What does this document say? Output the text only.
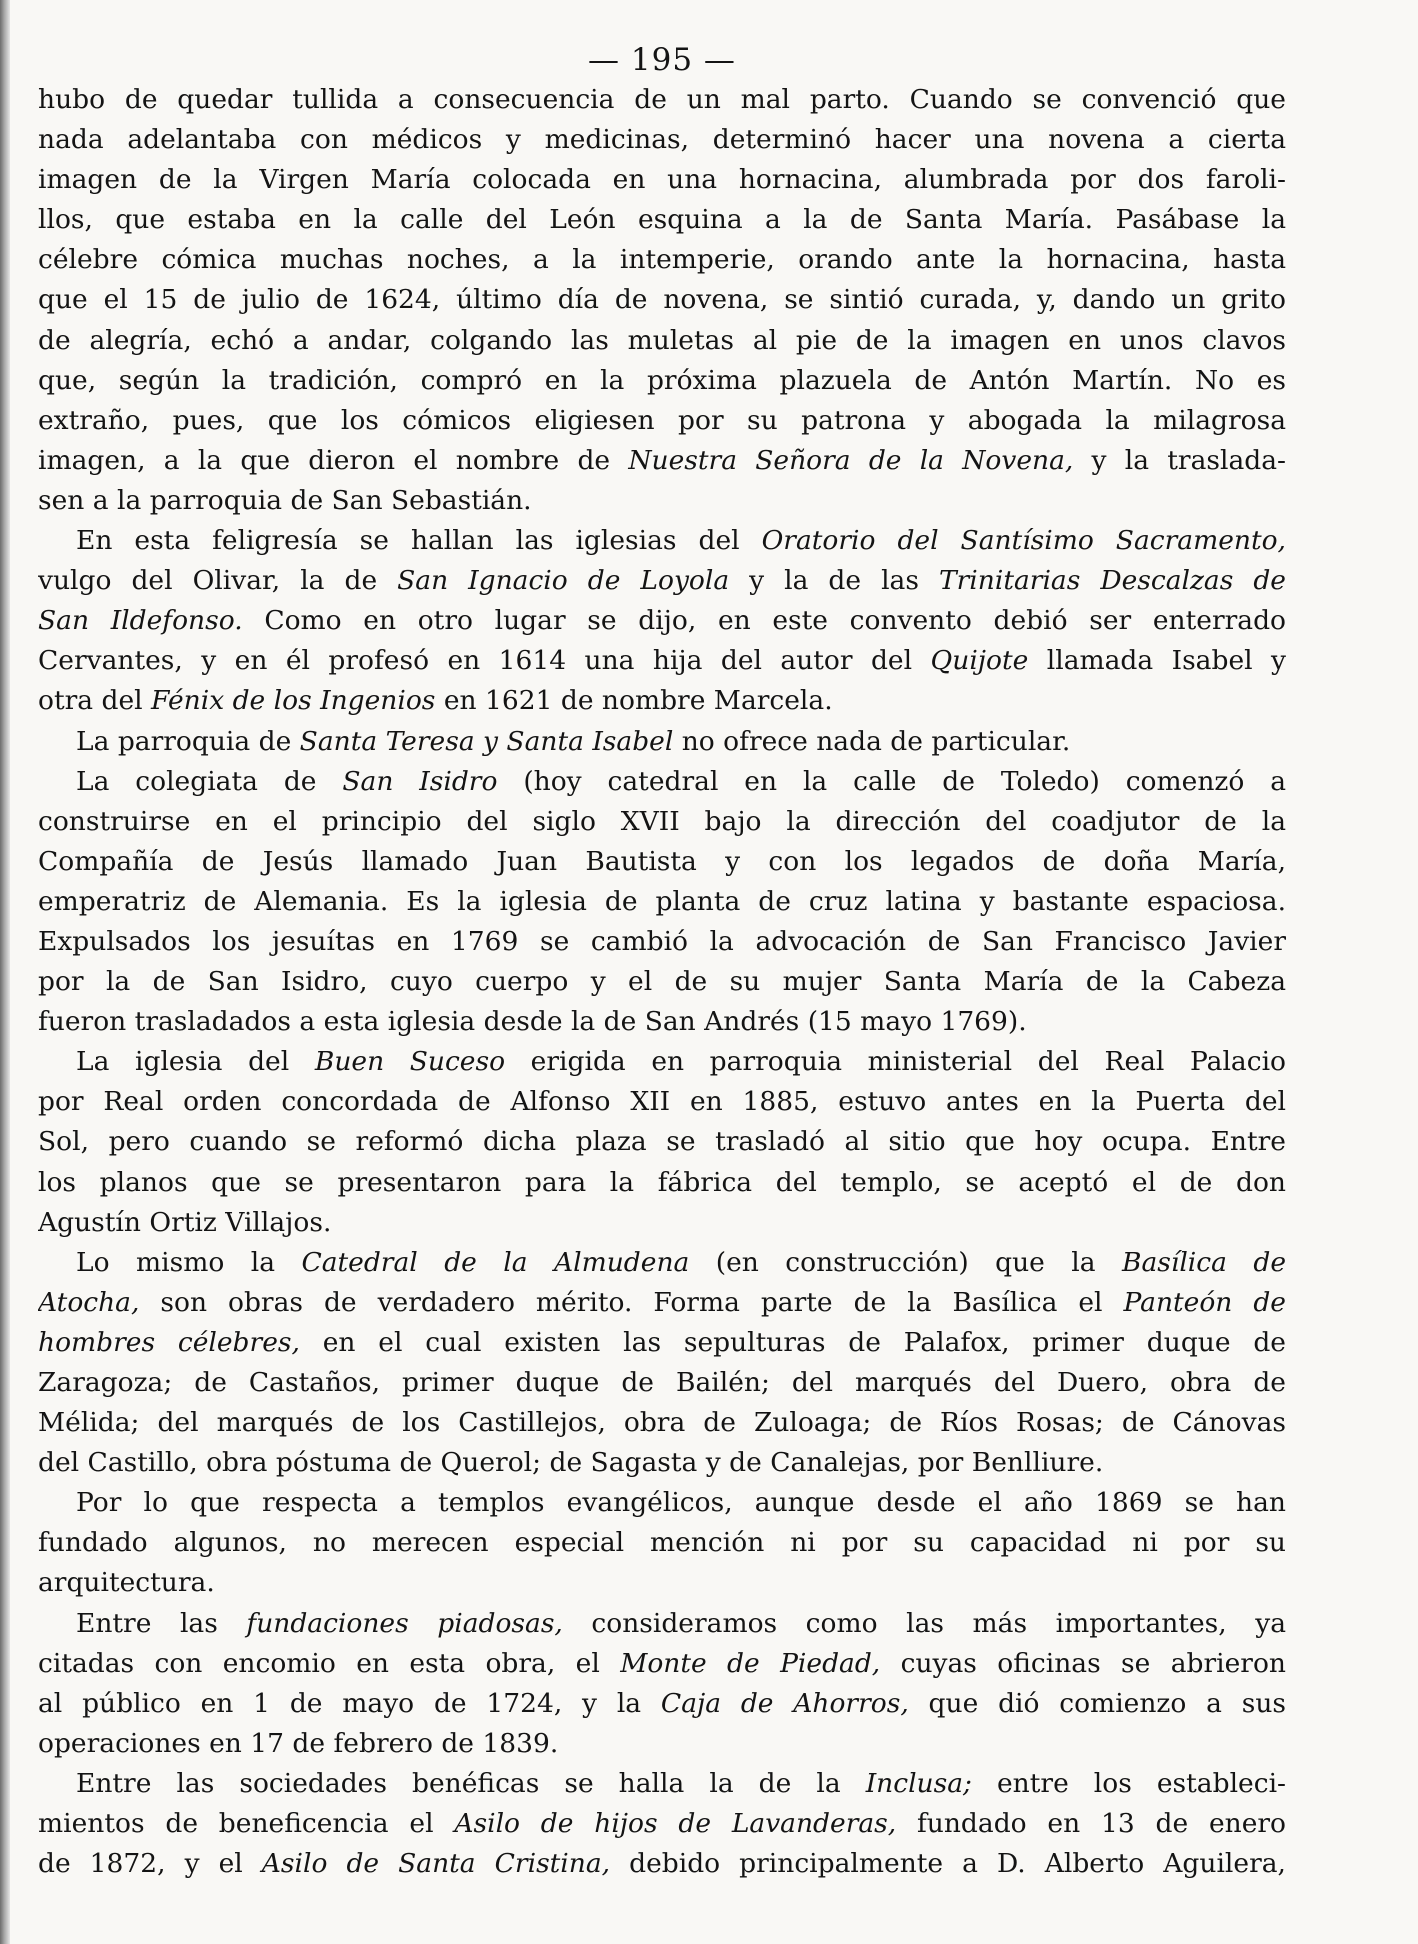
— 195 —
hubo de quedar tullida a consecuencia de un mal parto. Cuando se convenció que
nada adelantaba con médicos y medicinas, determinó hacer una novena a cierta
imagen de la Virgen María colocada en una hornacina, alumbrada por dos faroli-
llos, que estaba en la calle del León esquina a la de Santa María. Pasábase la
célebre cómica muchas noches, a la intemperie, orando ante la hornacina, hasta
que el 15 de julio de 1624, último día de novena, se sintió curada, y, dando un grito
de alegría, echó a andar, colgando las muletas al pie de la imagen en unos clavos
que, según la tradición, compró en la próxima plazuela de Antón Martín. No es
extraño, pues, que los cómicos eligiesen por su patrona y abogada la milagrosa
imagen, a la que dieron el nombre de Nuestra Señora de la Novena, y la traslada-
sen a la parroquia de San Sebastián.
En esta feligresía se hallan las iglesias del Oratorio del Santísimo Sacramento,
vulgo del Olivar, la de San Ignacio de Loyola y la de las Trinitarias Descalzas de
San Ildefonso. Como en otro lugar se dijo, en este convento debió ser enterrado
Cervantes, y en él profesó en 1614 una hija del autor del Quijote llamada Isabel y
otra del Fénix de los Ingenios en 1621 de nombre Marcela.
La parroquia de Santa Teresa y Santa Isabel no ofrece nada de particular.
La colegiata de San Isidro (hoy catedral en la calle de Toledo) comenzó a
construirse en el principio del siglo XVII bajo la dirección del coadjutor de la
Compañía de Jesús llamado Juan Bautista y con los legados de doña María,
emperatriz de Alemania. Es la iglesia de planta de cruz latina y bastante espaciosa.
Expulsados los jesuítas en 1769 se cambió la advocación de San Francisco Javier
por la de San Isidro, cuyo cuerpo y el de su mujer Santa María de la Cabeza
fueron trasladados a esta iglesia desde la de San Andrés (15 mayo 1769).
La iglesia del Buen Suceso erigida en parroquia ministerial del Real Palacio
por Real orden concordada de Alfonso XII en 1885, estuvo antes en la Puerta del
Sol, pero cuando se reformó dicha plaza se trasladó al sitio que hoy ocupa. Entre
los planos que se presentaron para la fábrica del templo, se aceptó el de don
Agustín Ortiz Villajos.
Lo mismo la Catedral de la Almudena (en construcción) que la Basílica de
Atocha, son obras de verdadero mérito. Forma parte de la Basílica el Panteón de
hombres célebres, en el cual existen las sepulturas de Palafox, primer duque de
Zaragoza; de Castaños, primer duque de Bailén; del marqués del Duero, obra de
Mélida; del marqués de los Castillejos, obra de Zuloaga; de Ríos Rosas; de Cánovas
del Castillo, obra póstuma de Querol; de Sagasta y de Canalejas, por Benlliure.
Por lo que respecta a templos evangélicos, aunque desde el año 1869 se han
fundado algunos, no merecen especial mención ni por su capacidad ni por su
arquitectura.
Entre las fundaciones piadosas, consideramos como las más importantes, ya
citadas con encomio en esta obra, el Monte de Piedad, cuyas oficinas se abrieron
al público en 1 de mayo de 1724, y la Caja de Ahorros, que dió comienzo a sus
operaciones en 17 de febrero de 1839.
Entre las sociedades benéficas se halla la de la Inclusa; entre los estableci-
mientos de beneficencia el Asilo de hijos de Lavanderas, fundado en 13 de enero
de 1872, y el Asilo de Santa Cristina, debido principalmente a D. Alberto Aguilera,
